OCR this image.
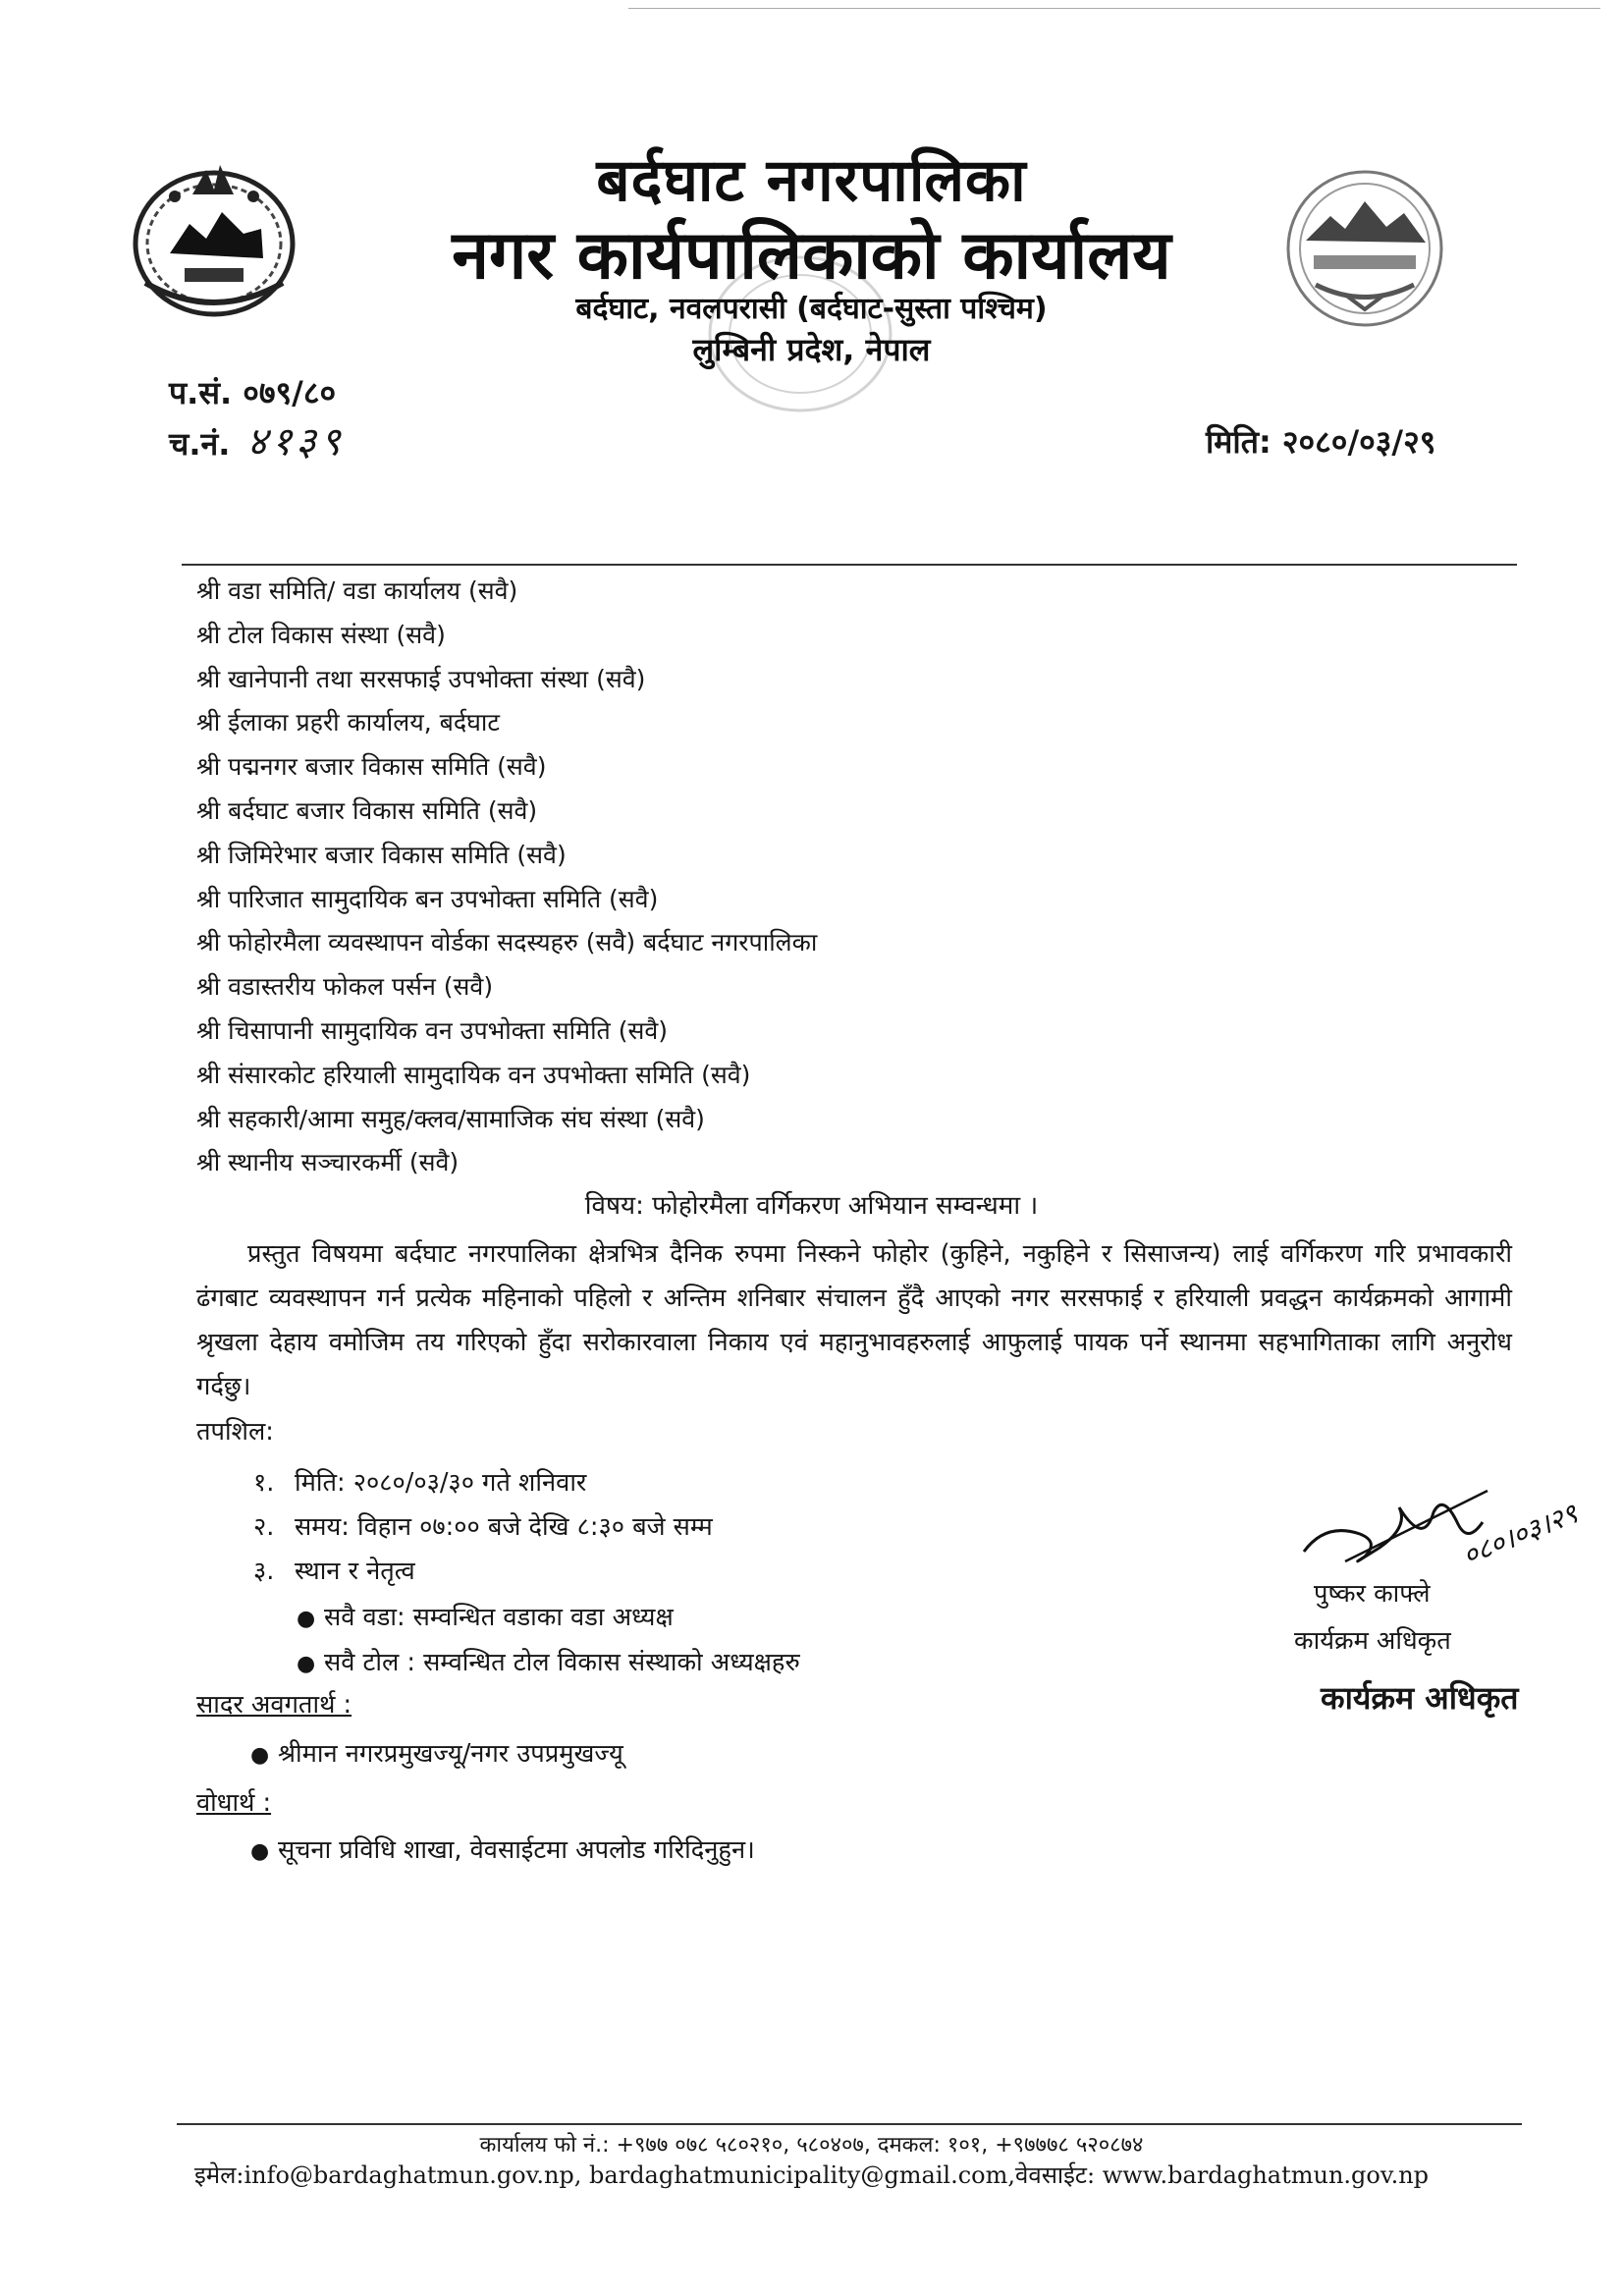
बर्दघाट नगरपालिका
नगर कार्यपालिकाको कार्यालय
बर्दघाट, नवलपरासी (बर्दघाट-सुस्ता पश्चिम)
लुम्बिनी प्रदेश, नेपाल
प.सं. ०७९/८०
च.नं. ४१३९	मिति: २०८०/०३/२९
श्री वडा समिति/ वडा कार्यालय (सवै)
श्री टोल विकास संस्था (सवै)
श्री खानेपानी तथा सरसफाई उपभोक्ता संस्था (सवै)
श्री ईलाका प्रहरी कार्यालय, बर्दघाट
श्री पद्मनगर बजार विकास समिति (सवै)
श्री बर्दघाट बजार विकास समिति (सवै)
श्री जिमिरेभार बजार विकास समिति (सवै)
श्री पारिजात सामुदायिक बन उपभोक्ता समिति (सवै)
श्री फोहोरमैला व्यवस्थापन वोर्डका सदस्यहरु (सवै) बर्दघाट नगरपालिका
श्री वडास्तरीय फोकल पर्सन (सवै)
श्री चिसापानी सामुदायिक वन उपभोक्ता समिति (सवै)
श्री संसारकोट हरियाली सामुदायिक वन उपभोक्ता समिति (सवै)
श्री सहकारी/आमा समुह/क्लव/सामाजिक संघ संस्था (सवै)
श्री स्थानीय सञ्चारकर्मी (सवै)
विषय: फोहोरमैला वर्गिकरण अभियान सम्वन्धमा ।
प्रस्तुत विषयमा बर्दघाट नगरपालिका क्षेत्रभित्र दैनिक रुपमा निस्कने फोहोर (कुहिने, नकुहिने र सिसाजन्य) लाई वर्गिकरण गरि प्रभावकारी ढंगबाट व्यवस्थापन गर्न प्रत्येक महिनाको पहिलो र अन्तिम शनिबार संचालन हुँदै आएको नगर सरसफाई र हरियाली प्रवद्धन कार्यक्रमको आगामी श्रृखला देहाय वमोजिम तय गरिएको हुँदा सरोकारवाला निकाय एवं महानुभावहरुलाई आफुलाई पायक पर्ने स्थानमा सहभागिताका लागि अनुरोध गर्दछु।
तपशिल:
१. मिति: २०८०/०३/३० गते शनिवार
२. समय: विहान ०७:०० बजे देखि ८:३० बजे सम्म
३. स्थान र नेतृत्व
● सवै वडा: सम्वन्धित वडाका वडा अध्यक्ष
● सवै टोल : सम्वन्धित टोल विकास संस्थाको अध्यक्षहरु
सादर अवगतार्थ :
● श्रीमान नगरप्रमुखज्यू/नगर उपप्रमुखज्यू
वोधार्थ :
● सूचना प्रविधि शाखा, वेवसाईटमा अपलोड गरिदिनुहुन।
०८०।०३।२९
पुष्कर काफ्ले
कार्यक्रम अधिकृत
कार्यक्रम अधिकृत
कार्यालय फो नं.: +९७७ ०७८ ५८०२१०, ५८०४०७, दमकल: १०१, +९७७७८ ५२०८७४
इमेल:info@bardaghatmun.gov.np, bardaghatmunicipality@gmail.com,वेवसाईट: www.bardaghatmun.gov.np
